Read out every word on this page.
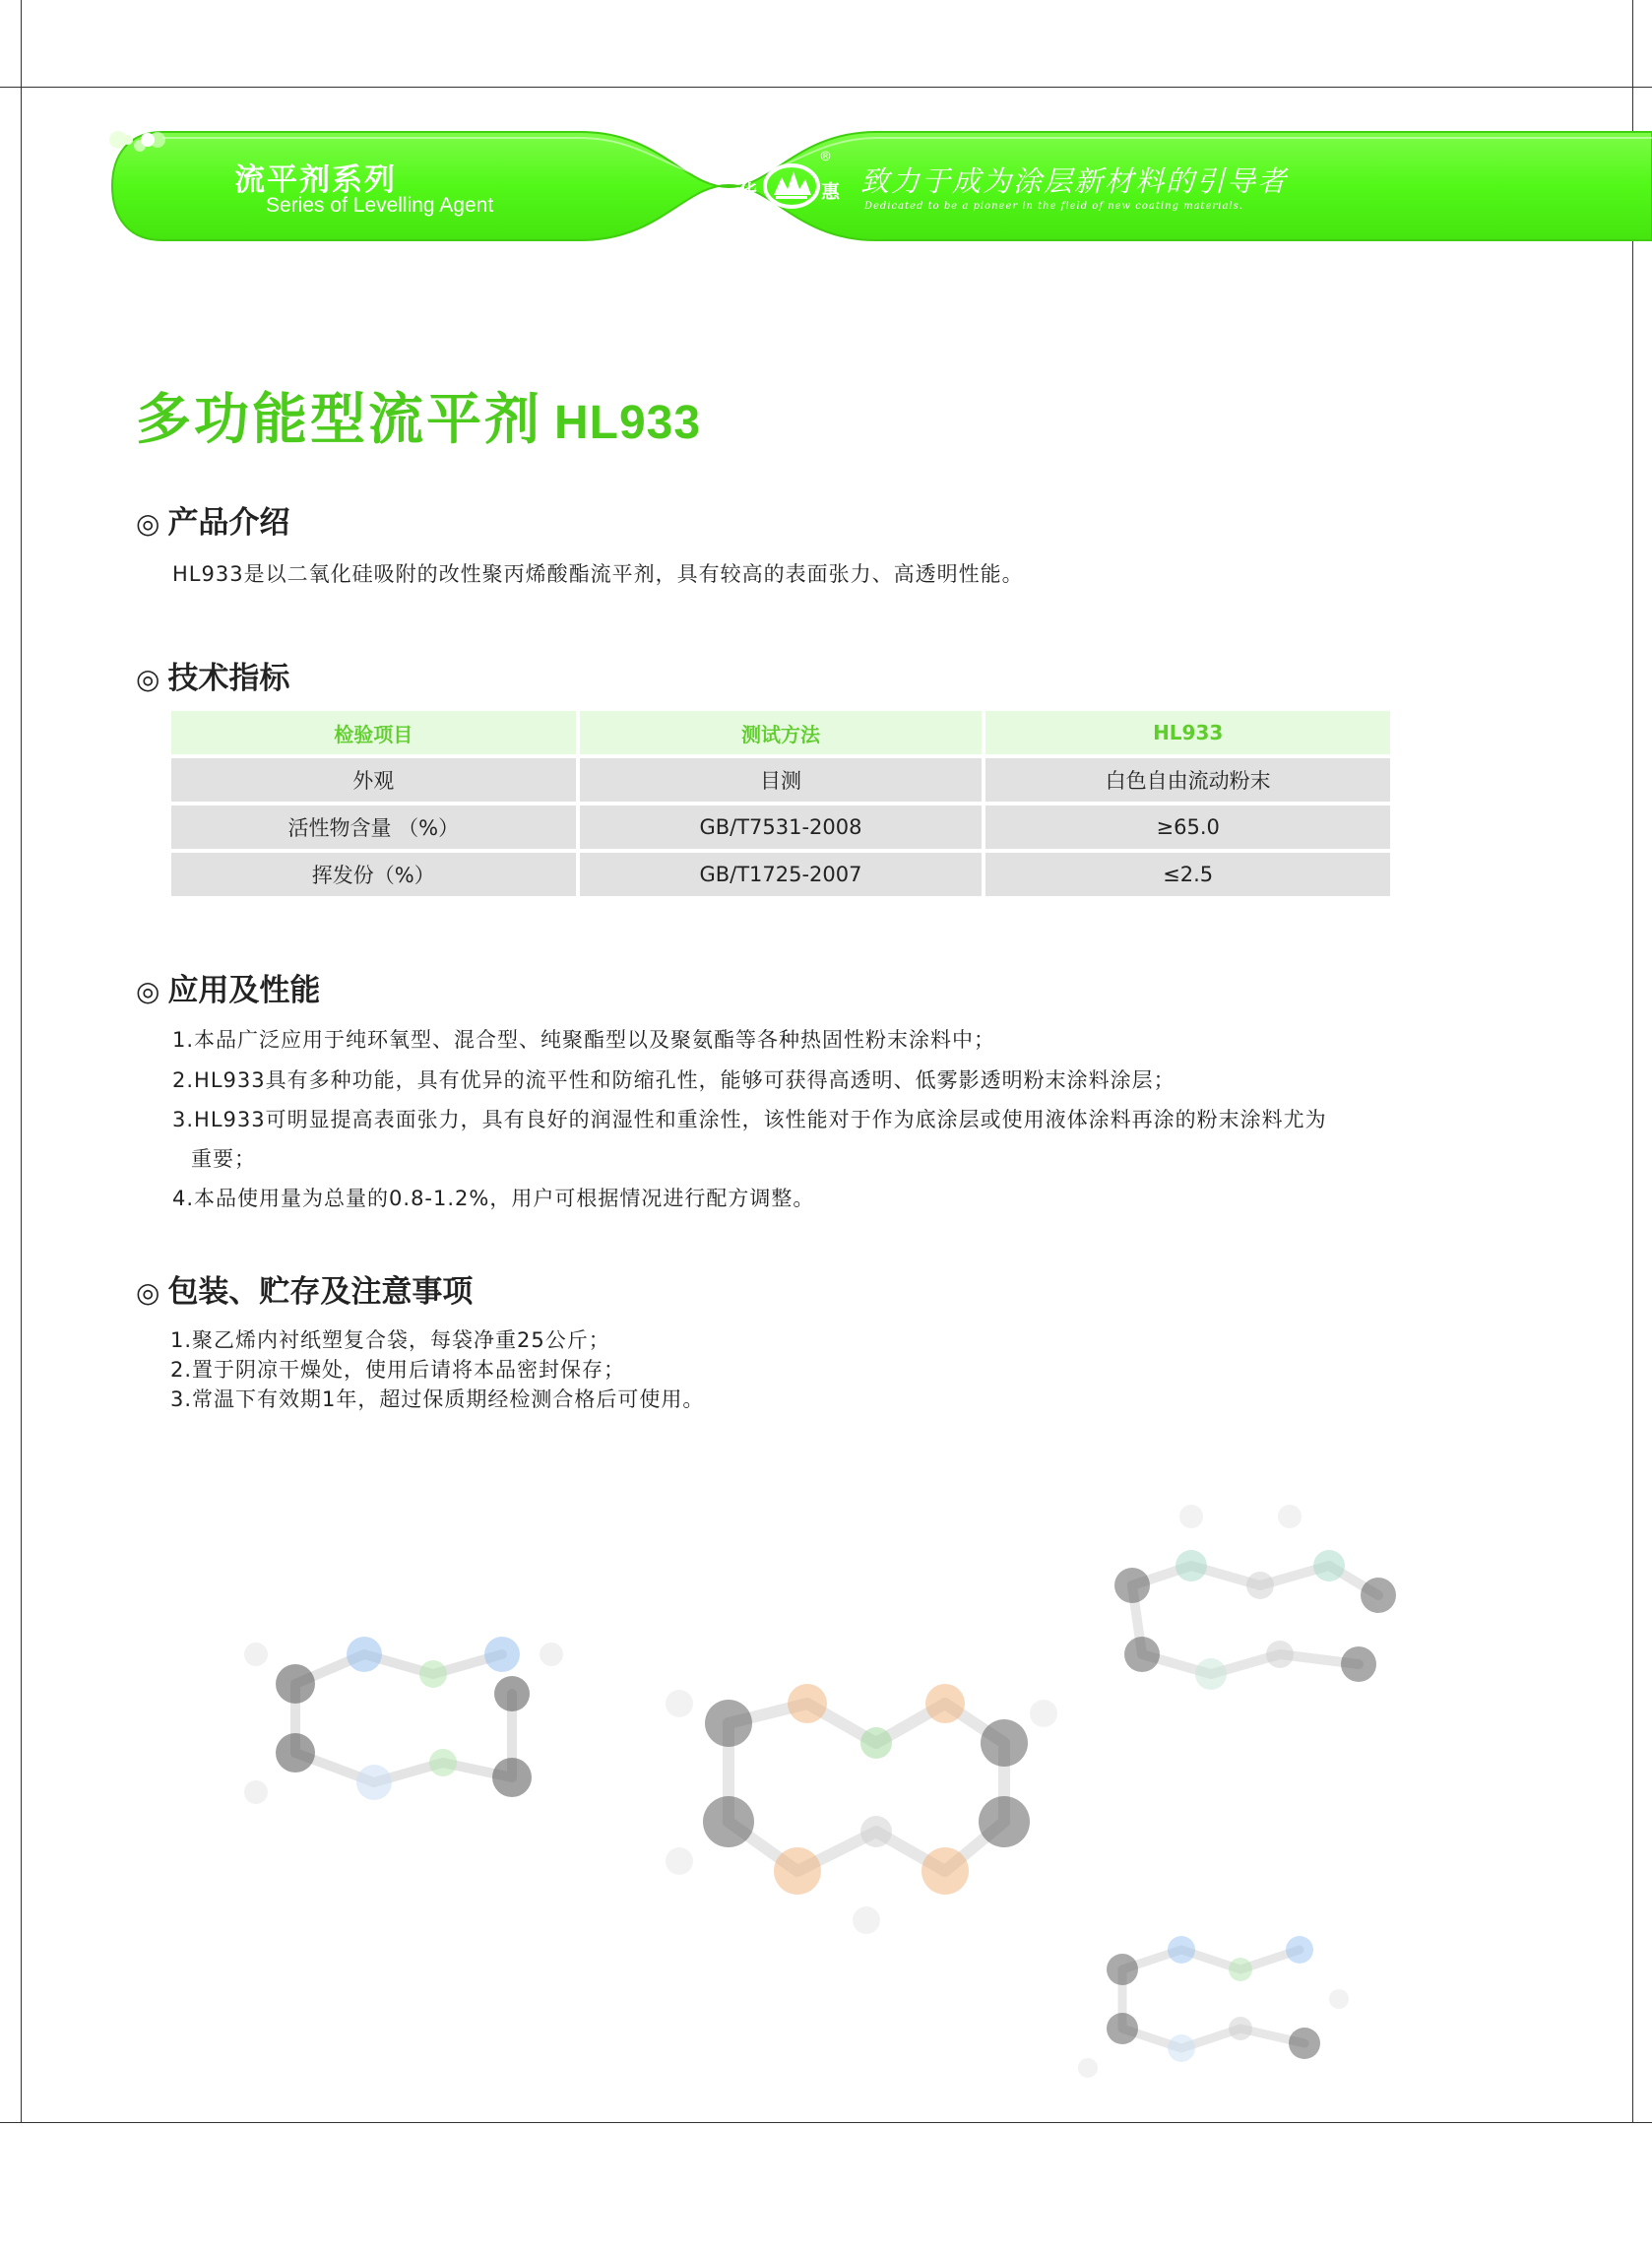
流平剂系列
Series of Levelling Agent
华	惠
®
致力于成为涂层新材料的引导者
Dedicated to be a pioneer in the field of new coating materials.
多功能型流平剂 HL933
◎ 产品介绍
HL933是以二氧化硅吸附的改性聚丙烯酸酯流平剂，具有较高的表面张力、高透明性能。
◎ 技术指标
检验项目	测试方法	HL933
外观	目测	白色自由流动粉末
活性物含量 （%）	GB/T7531-2008	≥65.0
挥发份（%）	GB/T1725-2007	≤2.5
◎ 应用及性能
1.本品广泛应用于纯环氧型、混合型、纯聚酯型以及聚氨酯等各种热固性粉末涂料中；
2.HL933具有多种功能，具有优异的流平性和防缩孔性，能够可获得高透明、低雾影透明粉末涂料涂层；
3.HL933可明显提高表面张力，具有良好的润湿性和重涂性，该性能对于作为底涂层或使用液体涂料再涂的粉末涂料尤为
重要；
4.本品使用量为总量的0.8-1.2%，用户可根据情况进行配方调整。
◎ 包装、贮存及注意事项
1.聚乙烯内衬纸塑复合袋，每袋净重25公斤；
2.置于阴凉干燥处，使用后请将本品密封保存；
3.常温下有效期1年，超过保质期经检测合格后可使用。
